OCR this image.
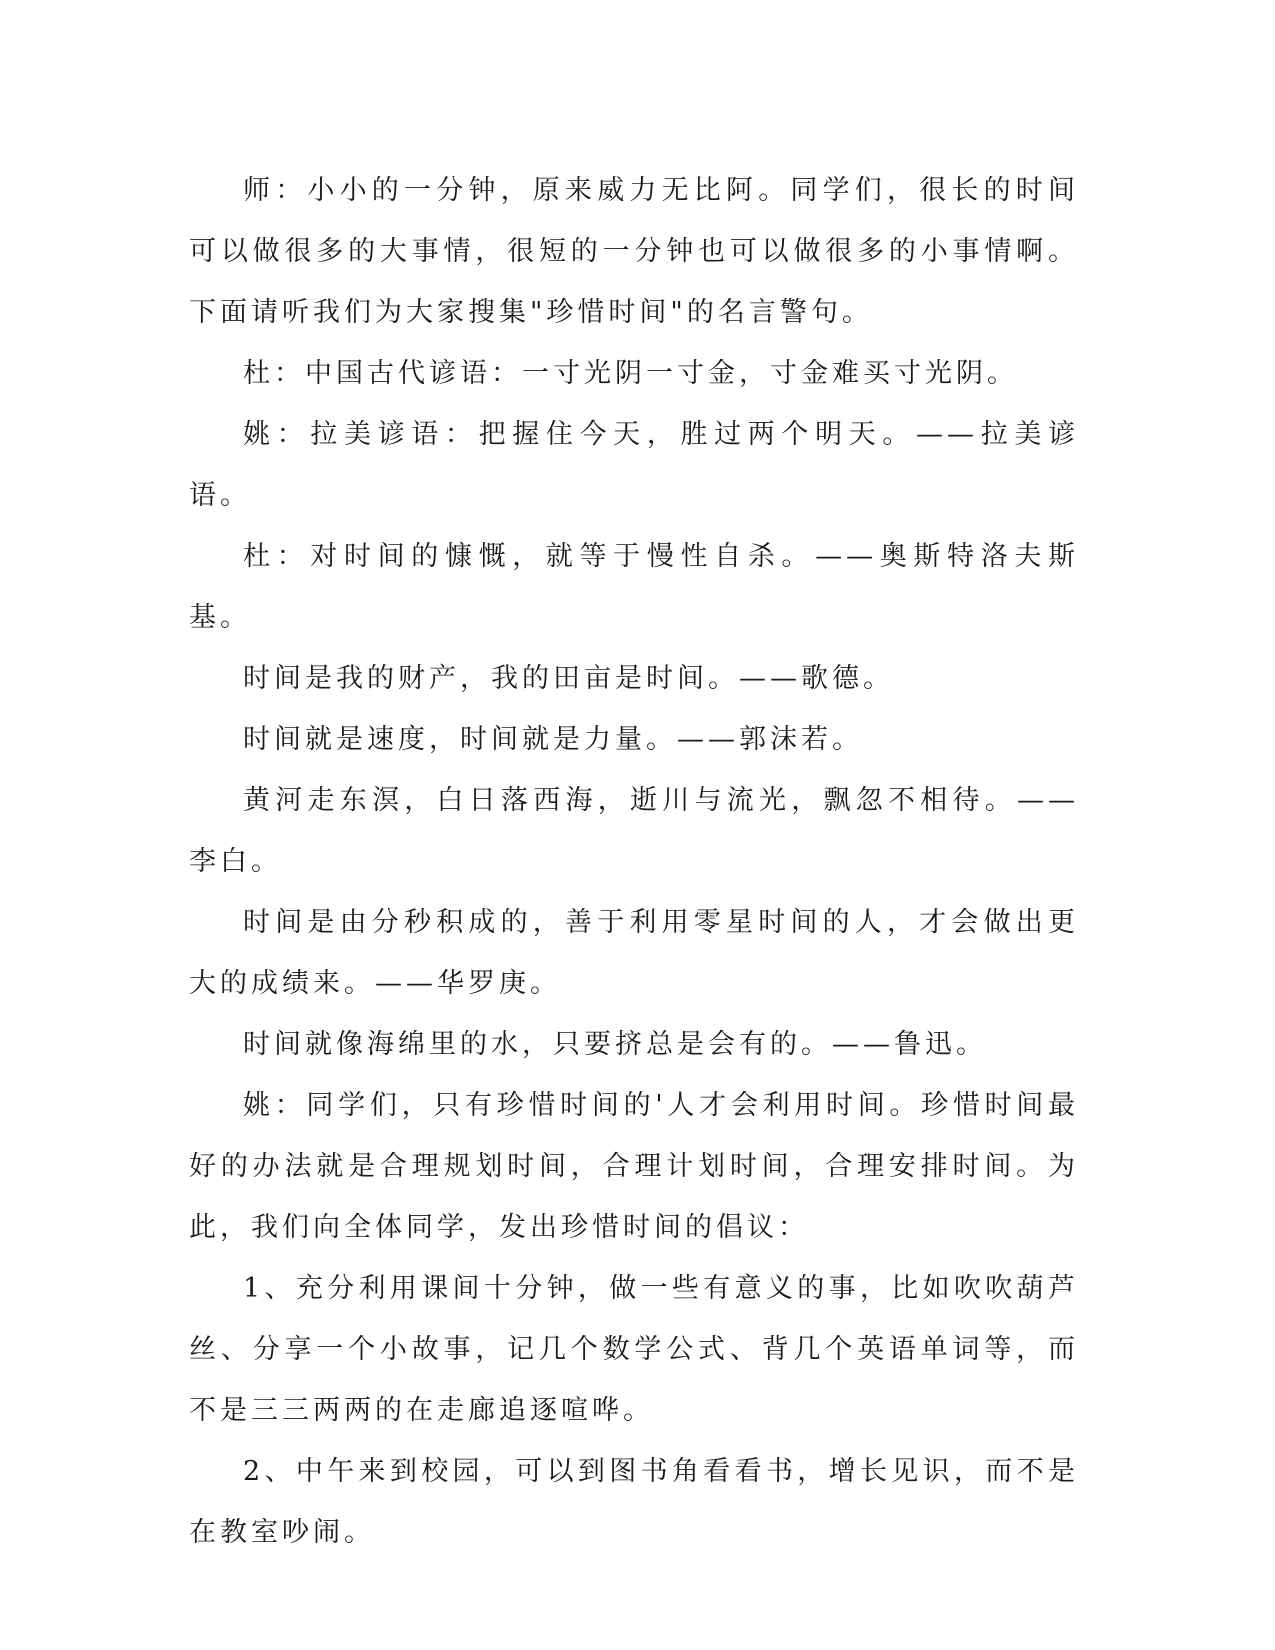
师：小小的一分钟，原来威力无比阿。同学们，很长的时间可以做很多的大事情，很短的一分钟也可以做很多的小事情啊。下面请听我们为大家搜集"珍惜时间"的名言警句。

杜：中国古代谚语：一寸光阴一寸金，寸金难买寸光阴。

姚：拉美谚语：把握住今天，胜过两个明天。——拉美谚语。

杜：对时间的慷慨，就等于慢性自杀。——奥斯特洛夫斯基。

时间是我的财产，我的田亩是时间。——歌德。

时间就是速度，时间就是力量。——郭沫若。

黄河走东溟，白日落西海，逝川与流光，飘忽不相待。——李白。

时间是由分秒积成的，善于利用零星时间的人，才会做出更大的成绩来。——华罗庚。

时间就像海绵里的水，只要挤总是会有的。——鲁迅。

姚：同学们，只有珍惜时间的'人才会利用时间。珍惜时间最好的办法就是合理规划时间，合理计划时间，合理安排时间。为此，我们向全体同学，发出珍惜时间的倡议：

1、充分利用课间十分钟，做一些有意义的事，比如吹吹葫芦丝、分享一个小故事，记几个数学公式、背几个英语单词等，而不是三三两两的在走廊追逐喧哗。

2、中午来到校园，可以到图书角看看书，增长见识，而不是在教室吵闹。
